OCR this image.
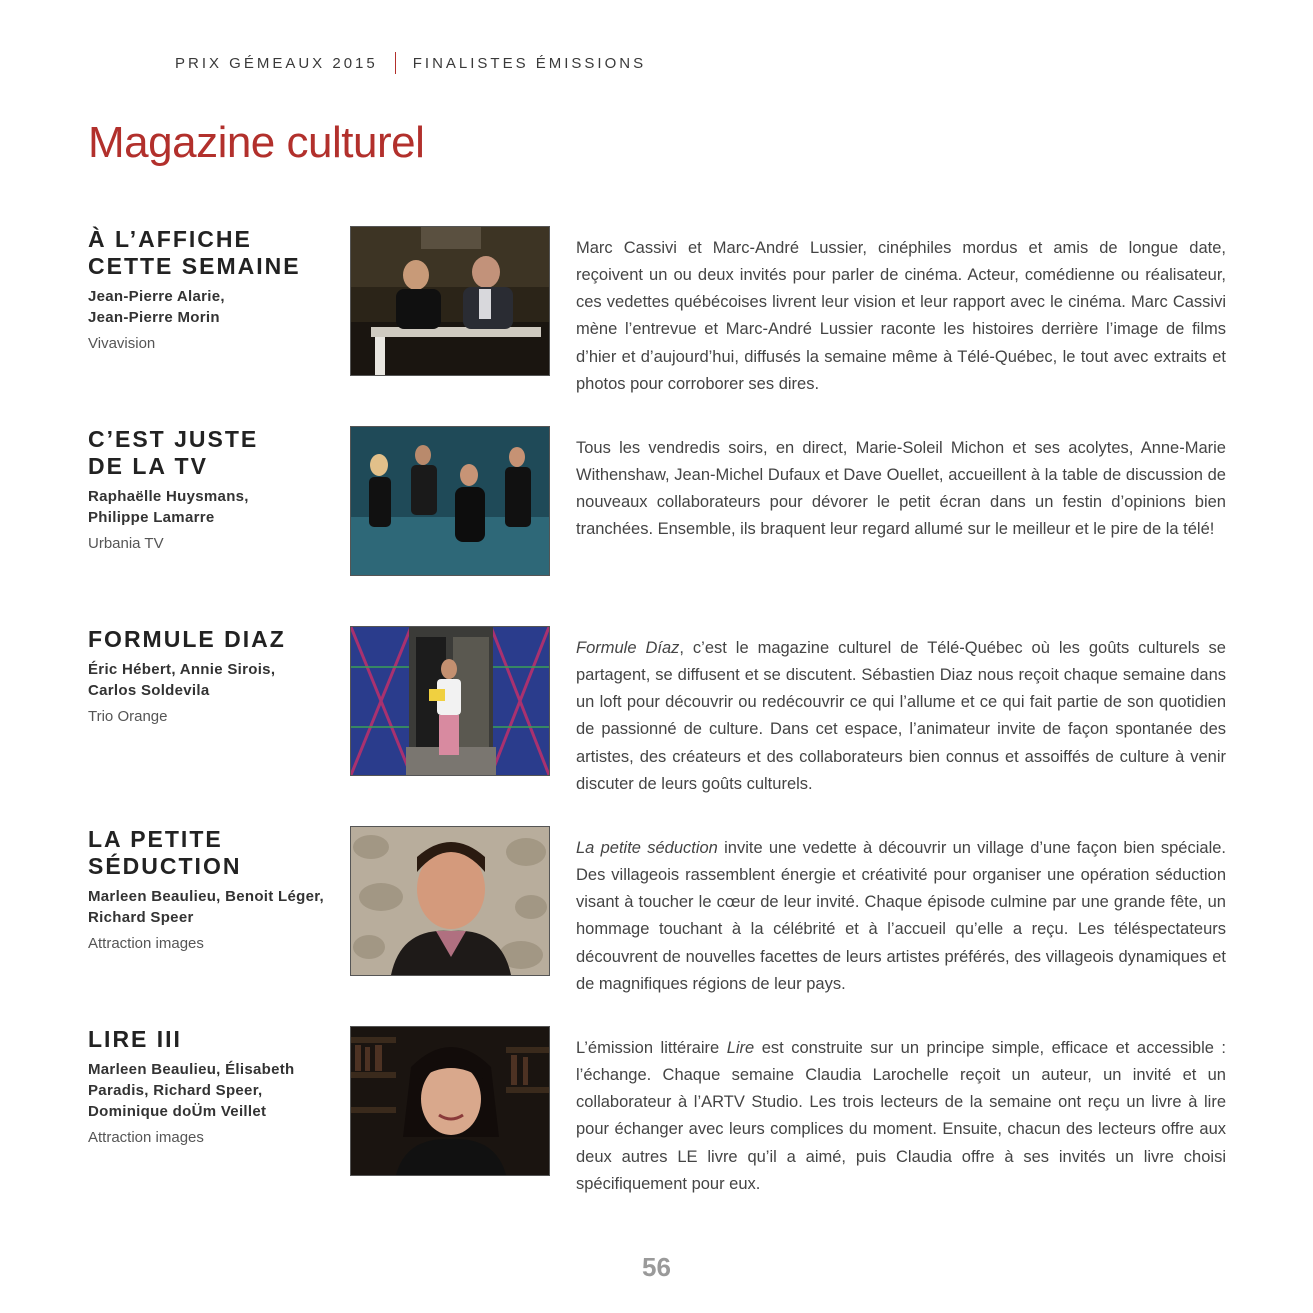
PRIX GÉMEAUX 2015 FINALISTES ÉMISSIONS
Magazine culturel
À L’AFFICHE
CETTE SEMAINE
Jean-Pierre Alarie,
Jean-Pierre Morin
Vivavision

Marc Cassivi et Marc-André Lussier, cinéphiles mordus et amis de longue date, reçoivent un ou deux invités pour parler de cinéma. Acteur, comédienne ou réalisateur, ces vedettes québécoises livrent leur vision et leur rapport avec le cinéma. Marc Cassivi mène l’entrevue et Marc-André Lussier raconte les histoires derrière l’image de films d’hier et d’aujourd’hui, diffusés la semaine même à Télé-Québec, le tout avec extraits et photos pour corroborer ses dires.

C’EST JUSTE
DE LA TV
Raphaëlle Huysmans,
Philippe Lamarre
Urbania TV

Tous les vendredis soirs, en direct, Marie-Soleil Michon et ses acolytes, Anne-Marie Withenshaw, Jean-Michel Dufaux et Dave Ouellet, accueillent à la table de discussion de nouveaux collaborateurs pour dévorer le petit écran dans un festin d’opinions bien tranchées. Ensemble, ils braquent leur regard allumé sur le meilleur et le pire de la télé!

FORMULE DIAZ
Éric Hébert, Annie Sirois,
Carlos Soldevila
Trio Orange

Formule Díaz, c’est le magazine culturel de Télé-Québec où les goûts culturels se partagent, se diffusent et se discutent. Sébastien Diaz nous reçoit chaque semaine dans un loft pour découvrir ou redécouvrir ce qui l’allume et ce qui fait partie de son quotidien de passionné de culture. Dans cet espace, l’animateur invite de façon spontanée des artistes, des créateurs et des collaborateurs bien connus et assoiffés de culture à venir discuter de leurs goûts culturels.

LA PETITE
SÉDUCTION
Marleen Beaulieu, Benoit Léger,
Richard Speer
Attraction images

La petite séduction invite une vedette à découvrir un village d’une façon bien spéciale. Des villageois rassemblent énergie et créativité pour organiser une opération séduction visant à toucher le cœur de leur invité. Chaque épisode culmine par une grande fête, un hommage touchant à la célébrité et à l’accueil qu’elle a reçu. Les téléspectateurs découvrent de nouvelles facettes de leurs artistes préférés, des villageois dynamiques et de magnifiques régions de leur pays.

LIRE III
Marleen Beaulieu, Élisabeth
Paradis, Richard Speer,
Dominique doÜm Veillet
Attraction images

L’émission littéraire Lire est construite sur un principe simple, efficace et accessible : l’échange. Chaque semaine Claudia Larochelle reçoit un auteur, un invité et un collaborateur à l’ARTV Studio. Les trois lecteurs de la semaine ont reçu un livre à lire pour échanger avec leurs complices du moment. Ensuite, chacun des lecteurs offre aux deux autres LE livre qu’il a aimé, puis Claudia offre à ses invités un livre choisi spécifiquement pour eux.

56
